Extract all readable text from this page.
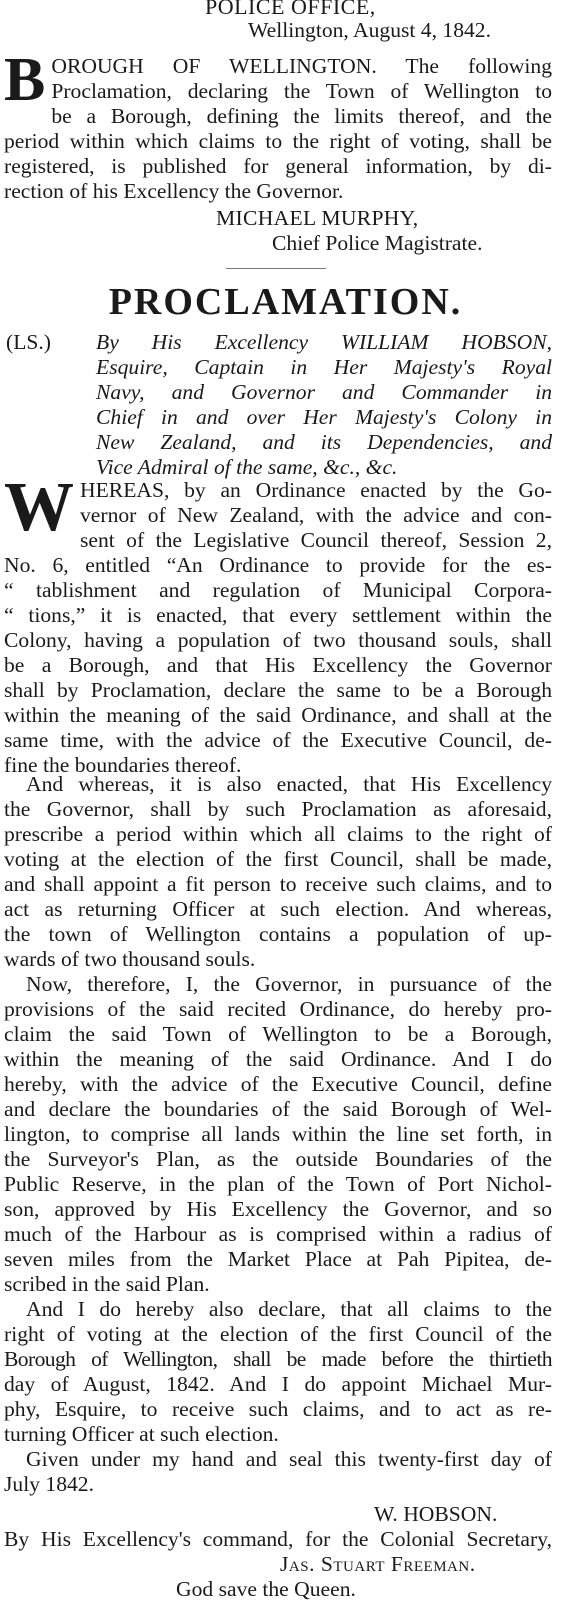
POLICE OFFICE,
Wellington, August 4, 1842.
B OROUGH OF WELLINGTON. The following
Proclamation, declaring the Town of Wellington to
be a Borough, defining the limits thereof, and the
period within which claims to the right of voting, shall be
registered, is published for general information, by di-
rection of his Excellency the Governor.
MICHAEL MURPHY,
Chief Police Magistrate.
PROCLAMATION.
(LS.) By His Excellency WILLIAM HOBSON,
Esquire, Captain in Her Majesty's Royal
Navy, and Governor and Commander in
Chief in and over Her Majesty's Colony in
New Zealand, and its Dependencies, and
Vice Admiral of the same, &c., &c.
W HEREAS, by an Ordinance enacted by the Go-
vernor of New Zealand, with the advice and con-
sent of the Legislative Council thereof, Session 2,
No. 6, entitled “An Ordinance to provide for the es-
“ tablishment and regulation of Municipal Corpora-
“ tions,” it is enacted, that every settlement within the
Colony, having a population of two thousand souls, shall
be a Borough, and that His Excellency the Governor
shall by Proclamation, declare the same to be a Borough
within the meaning of the said Ordinance, and shall at the
same time, with the advice of the Executive Council, de-
fine the boundaries thereof.
And whereas, it is also enacted, that His Excellency
the Governor, shall by such Proclamation as aforesaid,
prescribe a period within which all claims to the right of
voting at the election of the first Council, shall be made,
and shall appoint a fit person to receive such claims, and to
act as returning Officer at such election. And whereas,
the town of Wellington contains a population of up-
wards of two thousand souls.
Now, therefore, I, the Governor, in pursuance of the
provisions of the said recited Ordinance, do hereby pro-
claim the said Town of Wellington to be a Borough,
within the meaning of the said Ordinance. And I do
hereby, with the advice of the Executive Council, define
and declare the boundaries of the said Borough of Wel-
lington, to comprise all lands within the line set forth, in
the Surveyor's Plan, as the outside Boundaries of the
Public Reserve, in the plan of the Town of Port Nichol-
son, approved by His Excellency the Governor, and so
much of the Harbour as is comprised within a radius of
seven miles from the Market Place at Pah Pipitea, de-
scribed in the said Plan.
And I do hereby also declare, that all claims to the
right of voting at the election of the first Council of the
Borough of Wellington, shall be made before the thirtieth
day of August, 1842. And I do appoint Michael Mur-
phy, Esquire, to receive such claims, and to act as re-
turning Officer at such election.
Given under my hand and seal this twenty-first day of
July 1842.
W. HOBSON.
By His Excellency's command, for the Colonial Secretary,
Jas. Stuart Freeman.
God save the Queen.
